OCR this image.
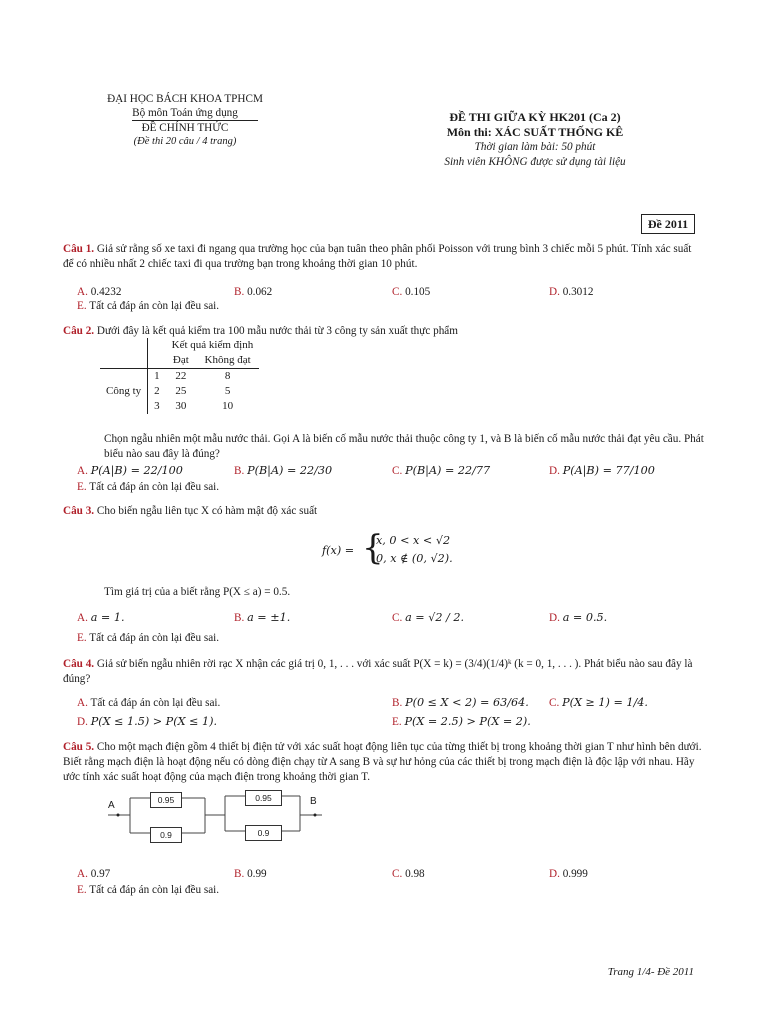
ĐẠI HỌC BÁCH KHOA TPHCM
Bộ môn Toán ứng dụng
ĐỀ CHÍNH THỨC
(Đề thi 20 câu / 4 trang)
ĐỀ THI GIỮA KỲ HK201 (Ca 2)
Môn thi: XÁC SUẤT THỐNG KÊ
Thời gian làm bài: 50 phút
Sinh viên KHÔNG được sử dụng tài liệu
Đề 2011
Câu 1. Giả sử rằng số xe taxi đi ngang qua trường học của bạn tuân theo phân phối Poisson với trung bình 3 chiếc mỗi 5 phút. Tính xác suất để có nhiều nhất 2 chiếc taxi đi qua trường bạn trong khoảng thời gian 10 phút.
A. 0.4232	B. 0.062	C. 0.105	D. 0.3012
E. Tất cả đáp án còn lại đều sai.
Câu 2. Dưới đây là kết quả kiểm tra 100 mẫu nước thải từ 3 công ty sản xuất thực phẩm
		Kết quả kiểm định	
		Đạt	Không đạt
Công ty	1	22	8
	2	25	5
	3	30	10
Chọn ngẫu nhiên một mẫu nước thải. Gọi A là biến cố mẫu nước thải thuộc công ty 1, và B là biến cố mẫu nước thải đạt yêu cầu. Phát biểu nào sau đây là đúng?
A. P(A|B) = 22/100	B. P(B|A) = 22/30	C. P(B|A) = 22/77	D. P(A|B) = 77/100
E. Tất cả đáp án còn lại đều sai.
Câu 3. Cho biến ngẫu liên tục X có hàm mật độ xác suất
f(x) = {
x, 0 < x < √2
0, x ∉ (0, √2).
Tìm giá trị của a biết rằng P(X ≤ a) = 0.5.
A. a = 1.	B. a = ±1.	C. a = √2 / 2.	D. a = 0.5.
E. Tất cả đáp án còn lại đều sai.
Câu 4. Giả sử biến ngẫu nhiên rời rạc X nhận các giá trị 0, 1, . . . với xác suất P(X = k) = (3/4)(1/4)ᵏ (k = 0, 1, . . . ). Phát biểu nào sau đây là đúng?
A. Tất cả đáp án còn lại đều sai.	B. P(0 ≤ X < 2) = 63/64. C. P(X ≥ 1) = 1/4.
D. P(X ≤ 1.5) > P(X ≤ 1).	E. P(X = 2.5) > P(X = 2).
Câu 5. Cho một mạch điện gồm 4 thiết bị điện tử với xác suất hoạt động liên tục của từng thiết bị trong khoảng thời gian T như hình bên dưới. Biết rằng mạch điện là hoạt động nếu có dòng điện chạy từ A sang B và sự hư hỏng của các thiết bị trong mạch điện là độc lập với nhau. Hãy ước tính xác suất hoạt động của mạch điện trong khoảng thời gian T.
A	B
0.95
0.9
0.95
0.9
A. 0.97	B. 0.99	C. 0.98	D. 0.999
E. Tất cả đáp án còn lại đều sai.
Trang 1/4- Đề 2011
